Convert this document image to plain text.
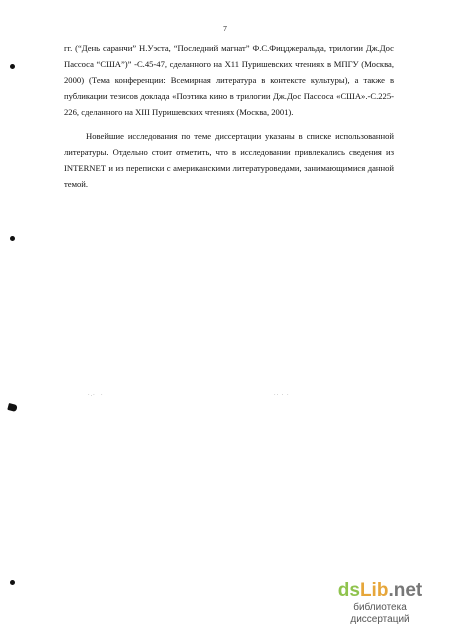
7

гг. (“День саранчи” Н.Уэста, “Последний магнат” Ф.С.Фицджеральда, трилогии Дж.Дос Пассоса “США”)” -С.45-47, сделанного на Х11 Пуришевских чтениях в МПГУ (Москва, 2000) (Тема конференции: Всемирная литература в контексте культуры), а также в публикации тезисов доклада «Поэтика кино в трилогии Дж.Дос Пассоса «США».-С.225-226, сделанного на XIII Пуришевских чтениях (Москва, 2001).

Новейшие исследования по теме диссертации указаны в списке использованной литературы. Отдельно стоит отметить, что в исследовании привлекались сведения из INTERNET и из переписки с американскими литературоведами, занимающимися данной темой.

·.·  ·	·· · ·
dsLib.net
библиотека диссертаций
